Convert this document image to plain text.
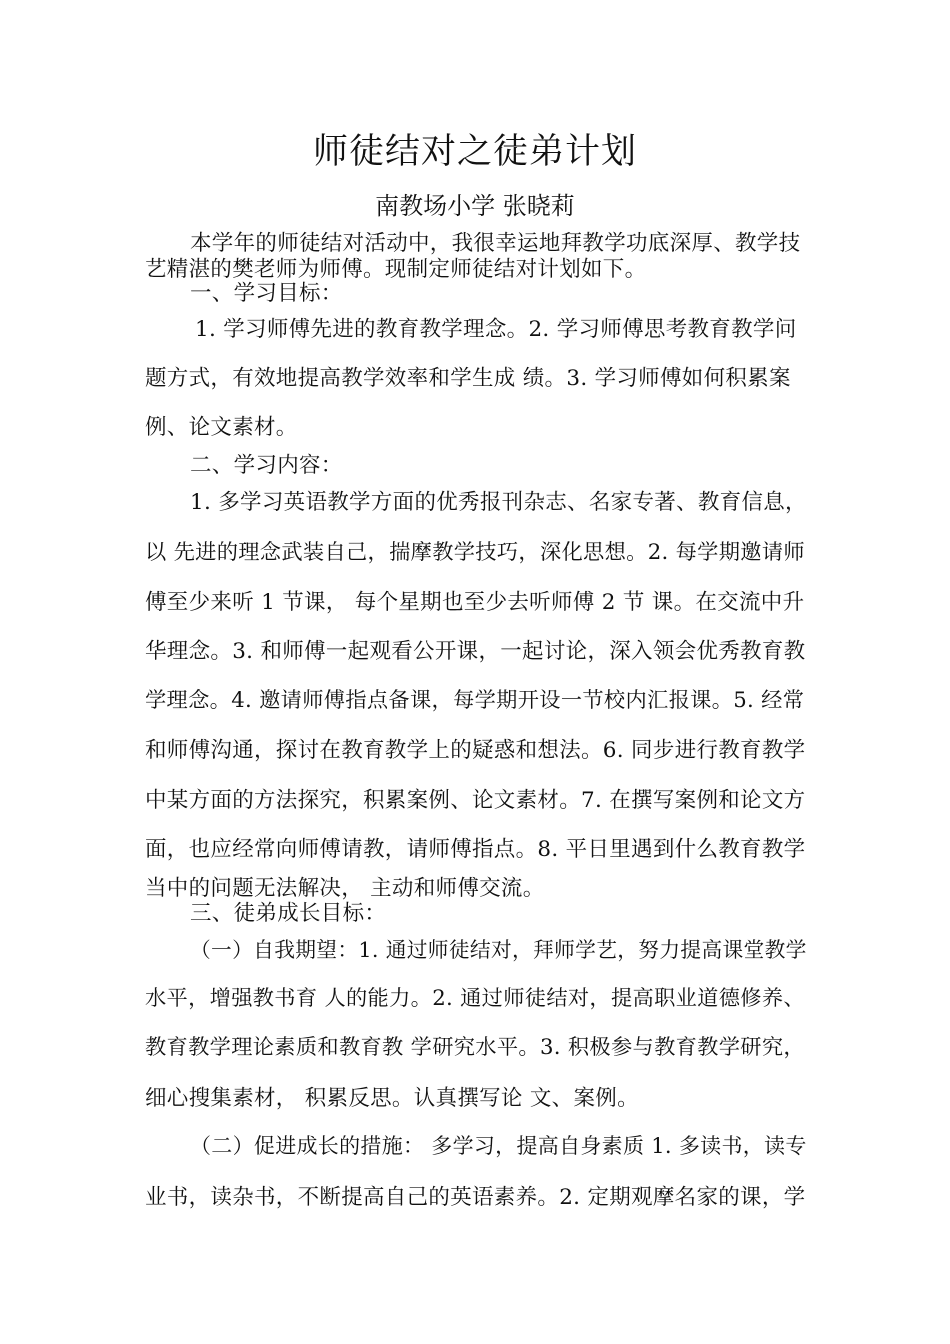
师徒结对之徒弟计划
南教场小学 张晓莉
本学年的师徒结对活动中，我很幸运地拜教学功底深厚、教学技
艺精湛的樊老师为师傅。现制定师徒结对计划如下。
一、学习目标：
1. 学习师傅先进的教育教学理念。2. 学习师傅思考教育教学问
题方式，有效地提高教学效率和学生成 绩。3. 学习师傅如何积累案
例、论文素材。
二、学习内容：
1. 多学习英语教学方面的优秀报刊杂志、名家专著、教育信息，
以 先进的理念武装自己，揣摩教学技巧，深化思想。2. 每学期邀请师
傅至少来听 1 节课， 每个星期也至少去听师傅 2 节 课。在交流中升
华理念。3. 和师傅一起观看公开课，一起讨论，深入领会优秀教育教
学理念。4. 邀请师傅指点备课，每学期开设一节校内汇报课。5. 经常
和师傅沟通，探讨在教育教学上的疑惑和想法。6. 同步进行教育教学
中某方面的方法探究，积累案例、论文素材。7. 在撰写案例和论文方
面，也应经常向师傅请教，请师傅指点。8. 平日里遇到什么教育教学
当中的问题无法解决， 主动和师傅交流。
三、徒弟成长目标：
（一）自我期望：1. 通过师徒结对，拜师学艺，努力提高课堂教学
水平，增强教书育 人的能力。2. 通过师徒结对，提高职业道德修养、
教育教学理论素质和教育教 学研究水平。3. 积极参与教育教学研究，
细心搜集素材， 积累反思。认真撰写论 文、案例。
（二）促进成长的措施： 多学习，提高自身素质 1. 多读书，读专
业书，读杂书，不断提高自己的英语素养。2. 定期观摩名家的课，学
